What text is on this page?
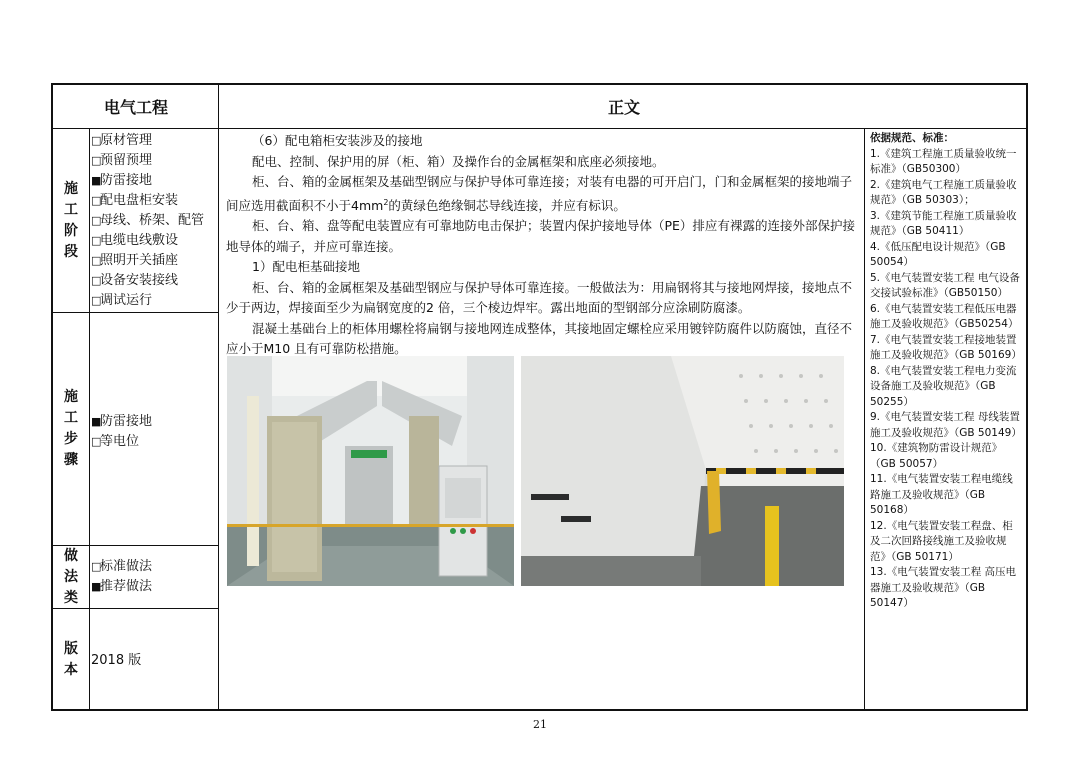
电气工程	正文
施工阶段
施工步骤
做法类
版本
□原材管理
□预留预埋
■防雷接地
□配电盘柜安装
□母线、桥架、配管
□电缆电线敷设
□照明开关插座
□设备安装接线
□调试运行
■防雷接地
□等电位
□标准做法
■推荐做法
2018 版

（6）配电箱柜安装涉及的接地

配电、控制、保护用的屏（柜、箱）及操作台的金属框架和底座必须接地。

柜、台、箱的金属框架及基础型钢应与保护导体可靠连接；对装有电器的可开启门，门和金属框架的接地端子间应选用截面积不小于$4mm^2$的黄绿色绝缘铜芯导线连接，并应有标识。

柜、台、箱、盘等配电装置应有可靠地防电击保护；装置内保护接地导体（PE）排应有裸露的连接外部保护接地导体的端子，并应可靠连接。

1）配电柜基础接地

柜、台、箱的金属框架及基础型钢应与保护导体可靠连接。一般做法为：用扁钢将其与接地网焊接，接地点不少于两边，焊接面至少为扁钢宽度的2 倍，三个棱边焊牢。露出地面的型钢部分应涂刷防腐漆。

混凝土基础台上的柜体用螺栓将扁钢与接地网连成整体，其接地固定螺栓应采用镀锌防腐件以防腐蚀，直径不应小于M10 且有可靠防松措施。

依据规范、标准：

1.《建筑工程施工质量验收统一标准》（GB50300）

2.《建筑电气工程施工质量验收规范》（GB 50303）；

3.《建筑节能工程施工质量验收规范》（GB 50411）

4.《低压配电设计规范》（GB 50054）

5.《电气装置安装工程 电气设备交接试验标准》（GB50150）

6.《电气装置安装工程低压电器施工及验收规范》（GB50254）

7.《电气装置安装工程接地装置施工及验收规范》（GB 50169）

8.《电气装置安装工程电力变流设备施工及验收规范》（GB 50255）

9.《电气装置安装工程 母线装置施工及验收规范》（GB 50149）

10.《建筑物防雷设计规范》（GB 50057）

11.《电气装置安装工程电缆线路施工及验收规范》（GB 50168）

12.《电气装置安装工程盘、柜及二次回路接线施工及验收规范》（GB 50171）

13.《电气装置安装工程 高压电器施工及验收规范》（GB 50147）

21
